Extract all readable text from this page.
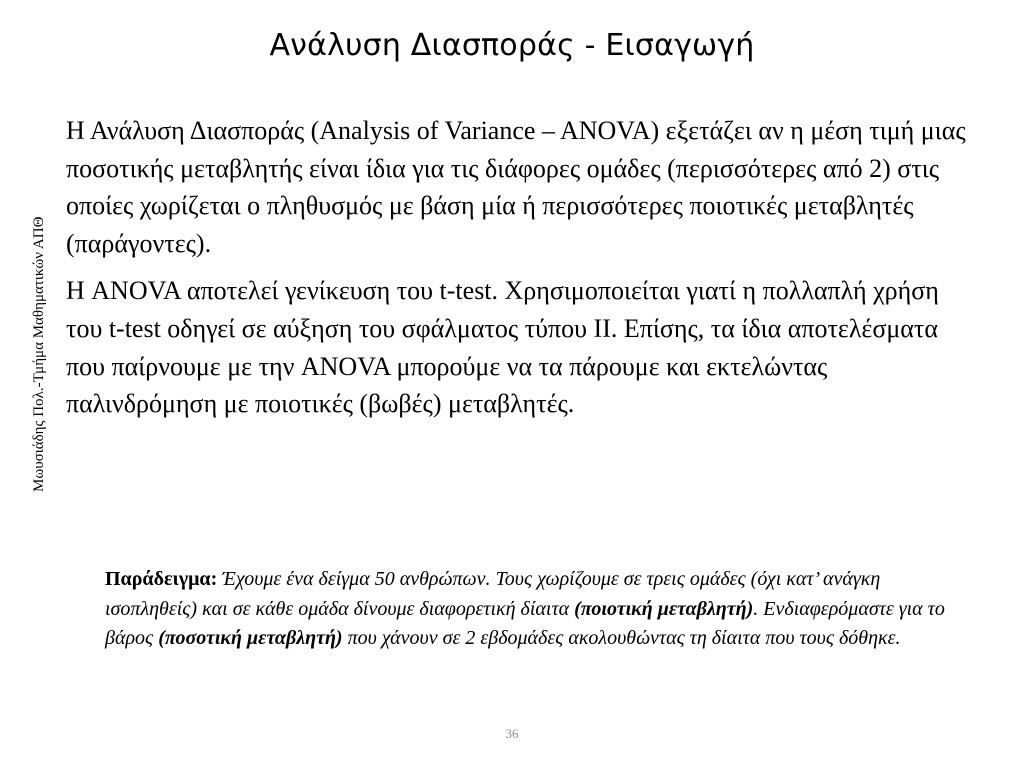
Ανάλυση Διασποράς - Εισαγωγή
Μωυσιάδης Πολ.-Τμήμα Μαθηματικών ΑΠΘ

Η Ανάλυση Διασποράς (Analysis of Variance – ANOVA) εξετάζει αν η μέση τιμή μιας ποσοτικής μεταβλητής είναι ίδια για τις διάφορες ομάδες (περισσότερες από 2) στις οποίες χωρίζεται ο πληθυσμός με βάση μία ή περισσότερες ποιοτικές μεταβλητές (παράγοντες).

Η ANOVA αποτελεί γενίκευση του t-test. Χρησιμοποιείται γιατί η πολλαπλή χρήση του t-test οδηγεί σε αύξηση του σφάλματος τύπου ΙΙ. Επίσης, τα ίδια αποτελέσματα που παίρνουμε με την ANOVA μπορούμε να τα πάρουμε και εκτελώντας παλινδρόμηση με ποιοτικές (βωβές) μεταβλητές.

Παράδειγμα: Έχουμε ένα δείγμα 50 ανθρώπων. Τους χωρίζουμε σε τρεις ομάδες (όχι κατ’ ανάγκη ισοπληθείς) και σε κάθε ομάδα δίνουμε διαφορετική δίαιτα (ποιοτική μεταβλητή). Ενδιαφερόμαστε για το βάρος (ποσοτική μεταβλητή) που χάνουν σε 2 εβδομάδες ακολουθώντας τη δίαιτα που τους δόθηκε.
36
